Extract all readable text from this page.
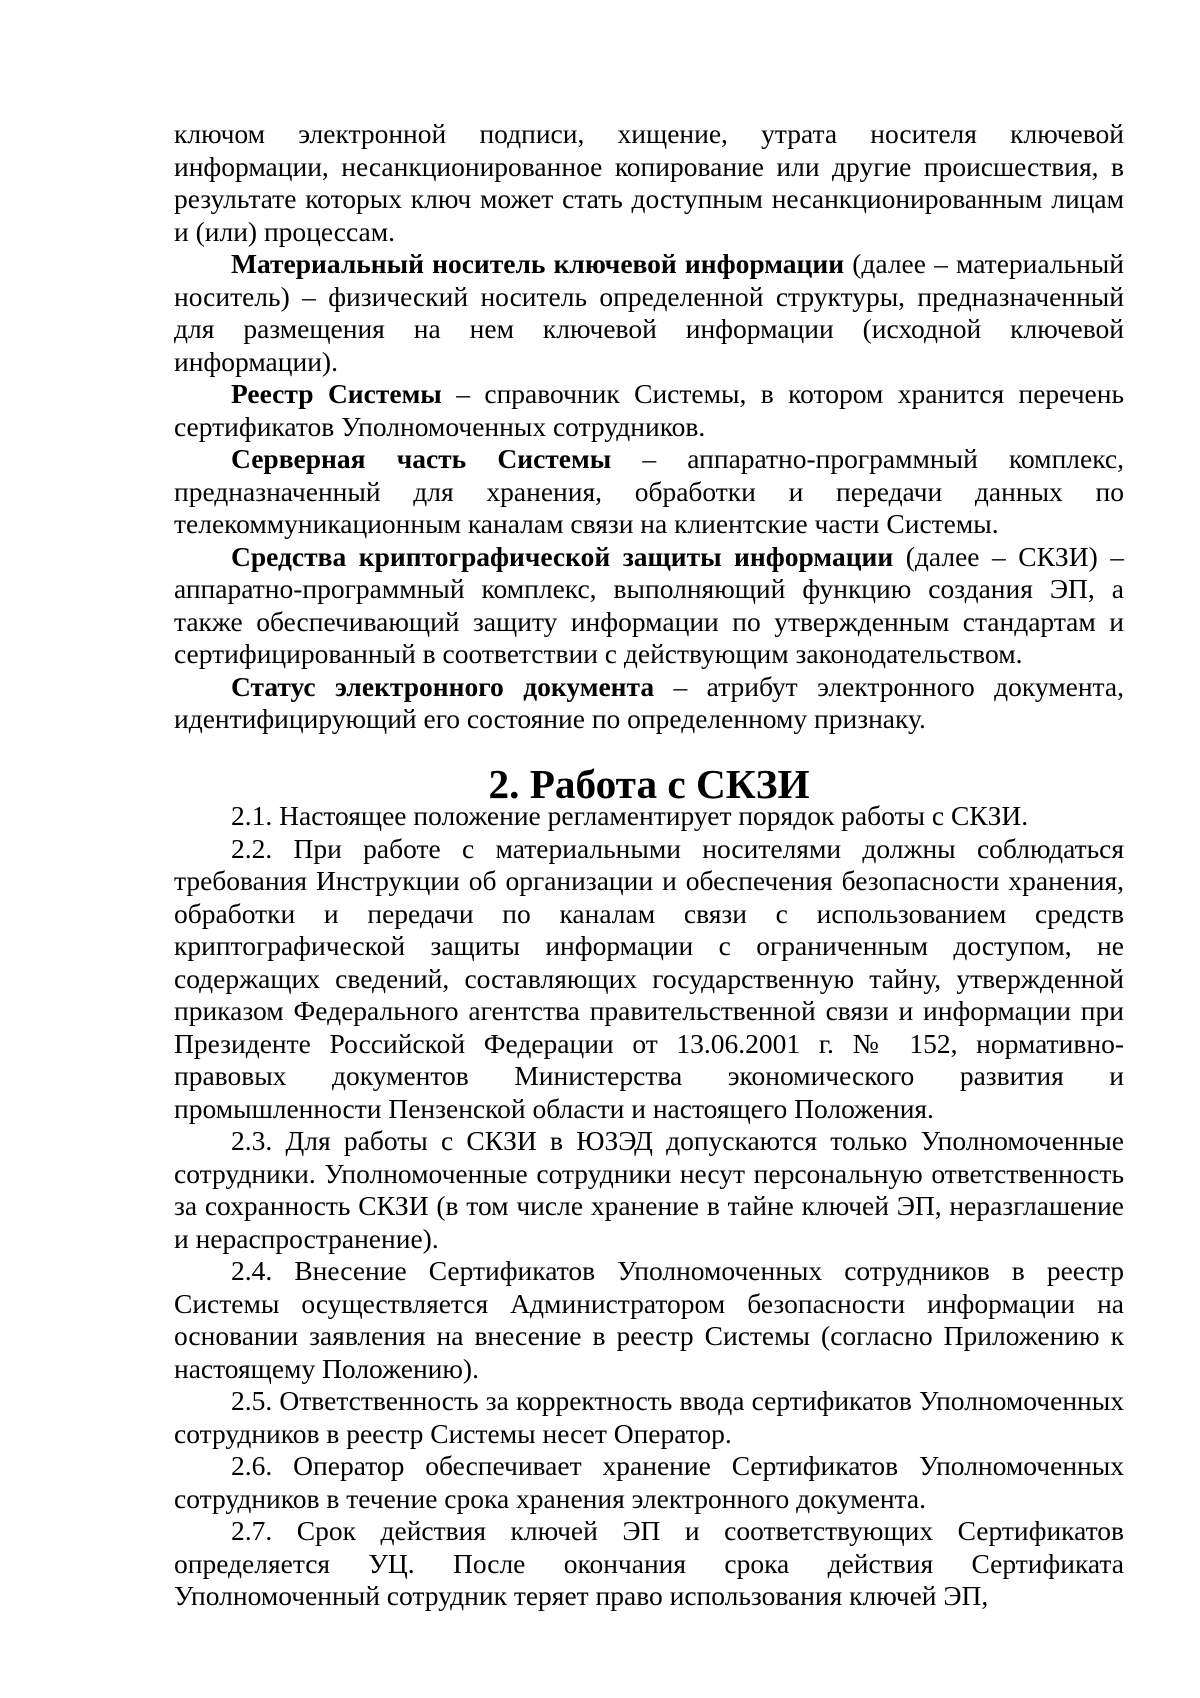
ключом электронной подписи, хищение, утрата носителя ключевой информации, несанкционированное копирование или другие происшествия, в результате которых ключ может стать доступным несанкционированным лицам и (или) процессам.

Материальный носитель ключевой информации (далее – материальный носитель) – физический носитель определенной структуры, предназначенный для размещения на нем ключевой информации (исходной ключевой информации).

Реестр Системы – справочник Системы, в котором хранится перечень сертификатов Уполномоченных сотрудников.

Серверная часть Системы – аппаратно-программный комплекс, предназначенный для хранения, обработки и передачи данных по телекоммуникационным каналам связи на клиентские части Системы.

Средства криптографической защиты информации (далее – СКЗИ) – аппаратно-программный комплекс, выполняющий функцию создания ЭП, а также обеспечивающий защиту информации по утвержденным стандартам и сертифицированный в соответствии с действующим законодательством.

Статус электронного документа – атрибут электронного документа, идентифицирующий его состояние по определенному признаку.

2. Работа с СКЗИ

2.1. Настоящее положение регламентирует порядок работы с СКЗИ.

2.2. При работе с материальными носителями должны соблюдаться требования Инструкции об организации и обеспечения безопасности хранения, обработки и передачи по каналам связи с использованием средств криптографической защиты информации с ограниченным доступом, не содержащих сведений, составляющих государственную тайну, утвержденной приказом Федерального агентства правительственной связи и информации при Президенте Российской Федерации от 13.06.2001 г. № 152, нормативно-правовых документов Министерства экономического развития и промышленности Пензенской области и настоящего Положения.

2.3. Для работы с СКЗИ в ЮЗЭД допускаются только Уполномоченные сотрудники. Уполномоченные сотрудники несут персональную ответственность за сохранность СКЗИ (в том числе хранение в тайне ключей ЭП, неразглашение и нераспространение).

2.4. Внесение Сертификатов Уполномоченных сотрудников в реестр Системы осуществляется Администратором безопасности информации на основании заявления на внесение в реестр Системы (согласно Приложению к настоящему Положению).

2.5. Ответственность за корректность ввода сертификатов Уполномоченных сотрудников в реестр Системы несет Оператор.

2.6. Оператор обеспечивает хранение Сертификатов Уполномоченных сотрудников в течение срока хранения электронного документа.

2.7. Срок действия ключей ЭП и соответствующих Сертификатов определяется УЦ. После окончания срока действия Сертификата Уполномоченный сотрудник теряет право использования ключей ЭП,
